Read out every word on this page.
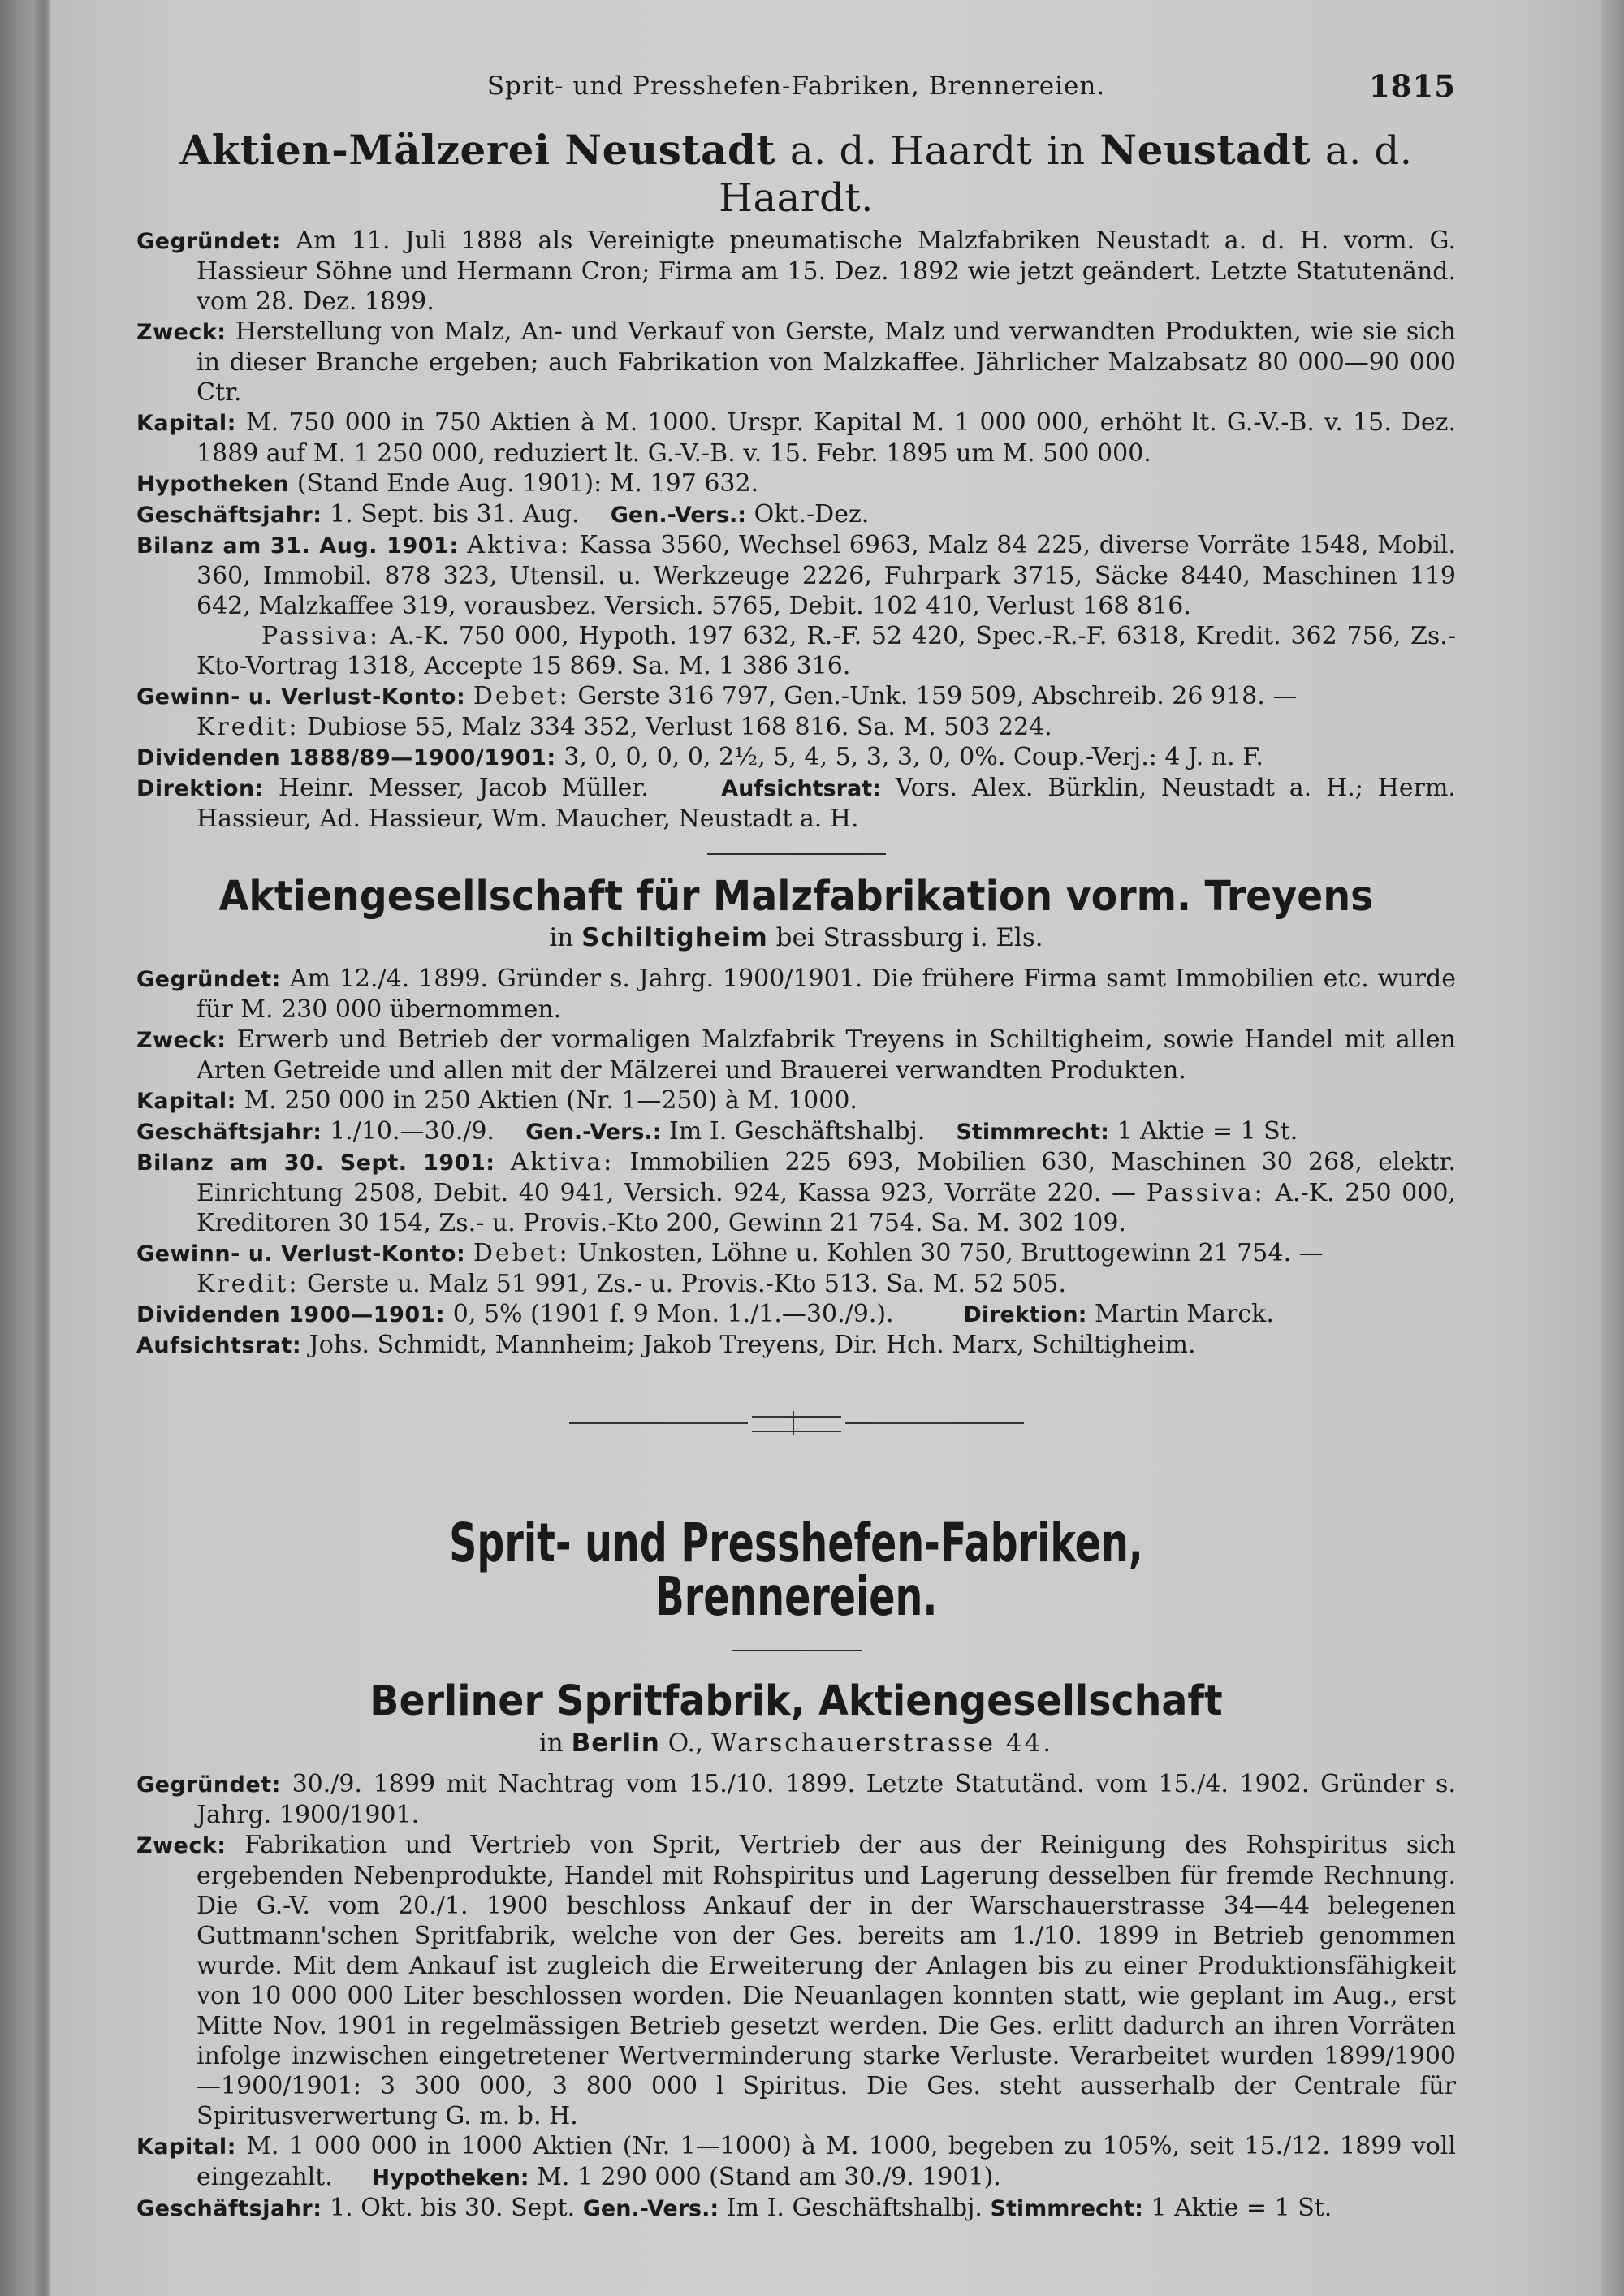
Sprit- und Presshefen-Fabriken, Brennereien.	1815
Aktien-Mälzerei Neustadt a. d. Haardt in Neustadt a. d. Haardt.

Gegründet: Am 11. Juli 1888 als Vereinigte pneumatische Malzfabriken Neustadt a. d. H. vorm. G. Hassieur Söhne und Hermann Cron; Firma am 15. Dez. 1892 wie jetzt geändert. Letzte Statutenänd. vom 28. Dez. 1899.

Zweck: Herstellung von Malz, An- und Verkauf von Gerste, Malz und verwandten Produkten, wie sie sich in dieser Branche ergeben; auch Fabrikation von Malzkaffee. Jährlicher Malzabsatz 80 000—90 000 Ctr.

Kapital: M. 750 000 in 750 Aktien à M. 1000. Urspr. Kapital M. 1 000 000, erhöht lt. G.-V.-B. v. 15. Dez. 1889 auf M. 1 250 000, reduziert lt. G.-V.-B. v. 15. Febr. 1895 um M. 500 000.

Hypotheken (Stand Ende Aug. 1901): M. 197 632.

Geschäftsjahr: 1. Sept. bis 31. Aug. Gen.-Vers.: Okt.-Dez.

Bilanz am 31. Aug. 1901: Aktiva: Kassa 3560, Wechsel 6963, Malz 84 225, diverse Vorräte 1548, Mobil. 360, Immobil. 878 323, Utensil. u. Werkzeuge 2226, Fuhrpark 3715, Säcke 8440, Maschinen 119 642, Malzkaffee 319, vorausbez. Versich. 5765, Debit. 102 410, Verlust 168 816.
Passiva: A.-K. 750 000, Hypoth. 197 632, R.-F. 52 420, Spec.-R.-F. 6318, Kredit. 362 756, Zs.-Kto-Vortrag 1318, Accepte 15 869. Sa. M. 1 386 316.

Gewinn- u. Verlust-Konto: Debet: Gerste 316 797, Gen.-Unk. 159 509, Abschreib. 26 918. —
Kredit: Dubiose 55, Malz 334 352, Verlust 168 816. Sa. M. 503 224.

Dividenden 1888/89—1900/1901: 3, 0, 0, 0, 0, 2½, 5, 4, 5, 3, 3, 0, 0%. Coup.-Verj.: 4 J. n. F.

Direktion: Heinr. Messer, Jacob Müller.	Aufsichtsrat: Vors. Alex. Bürklin, Neustadt a. H.; Herm. Hassieur, Ad. Hassieur, Wm. Maucher, Neustadt a. H.

Aktiengesellschaft für Malzfabrikation vorm. Treyens
in Schiltigheim bei Strassburg i. Els.

Gegründet: Am 12./4. 1899. Gründer s. Jahrg. 1900/1901. Die frühere Firma samt Immobilien etc. wurde für M. 230 000 übernommen.

Zweck: Erwerb und Betrieb der vormaligen Malzfabrik Treyens in Schiltigheim, sowie Handel mit allen Arten Getreide und allen mit der Mälzerei und Brauerei verwandten Produkten.

Kapital: M. 250 000 in 250 Aktien (Nr. 1—250) à M. 1000.

Geschäftsjahr: 1./10.—30./9. Gen.-Vers.: Im I. Geschäftshalbj. Stimmrecht: 1 Aktie = 1 St.

Bilanz am 30. Sept. 1901: Aktiva: Immobilien 225 693, Mobilien 630, Maschinen 30 268, elektr. Einrichtung 2508, Debit. 40 941, Versich. 924, Kassa 923, Vorräte 220. — Passiva: A.-K. 250 000, Kreditoren 30 154, Zs.- u. Provis.-Kto 200, Gewinn 21 754. Sa. M. 302 109.

Gewinn- u. Verlust-Konto: Debet: Unkosten, Löhne u. Kohlen 30 750, Bruttogewinn 21 754. —
Kredit: Gerste u. Malz 51 991, Zs.- u. Provis.-Kto 513. Sa. M. 52 505.

Dividenden 1900—1901: 0, 5% (1901 f. 9 Mon. 1./1.—30./9.).	Direktion: Martin Marck.

Aufsichtsrat: Johs. Schmidt, Mannheim; Jakob Treyens, Dir. Hch. Marx, Schiltigheim.

Sprit- und Presshefen-Fabriken, Brennereien.
Berliner Spritfabrik, Aktiengesellschaft
in Berlin O., Warschauerstrasse 44.

Gegründet: 30./9. 1899 mit Nachtrag vom 15./10. 1899. Letzte Statutänd. vom 15./4. 1902. Gründer s. Jahrg. 1900/1901.

Zweck: Fabrikation und Vertrieb von Sprit, Vertrieb der aus der Reinigung des Rohspiritus sich ergebenden Nebenprodukte, Handel mit Rohspiritus und Lagerung desselben für fremde Rechnung. Die G.-V. vom 20./1. 1900 beschloss Ankauf der in der Warschauerstrasse 34—44 belegenen Guttmann'schen Spritfabrik, welche von der Ges. bereits am 1./10. 1899 in Betrieb genommen wurde. Mit dem Ankauf ist zugleich die Erweiterung der Anlagen bis zu einer Produktionsfähigkeit von 10 000 000 Liter beschlossen worden. Die Neuanlagen konnten statt, wie geplant im Aug., erst Mitte Nov. 1901 in regelmässigen Betrieb gesetzt werden. Die Ges. erlitt dadurch an ihren Vorräten infolge inzwischen eingetretener Wertverminderung starke Verluste. Verarbeitet wurden 1899/1900—1900/1901: 3 300 000, 3 800 000 l Spiritus. Die Ges. steht ausserhalb der Centrale für Spiritusverwertung G. m. b. H.

Kapital: M. 1 000 000 in 1000 Aktien (Nr. 1—1000) à M. 1000, begeben zu 105%, seit 15./12. 1899 voll eingezahlt. Hypotheken: M. 1 290 000 (Stand am 30./9. 1901).

Geschäftsjahr: 1. Okt. bis 30. Sept. Gen.-Vers.: Im I. Geschäftshalbj. Stimmrecht: 1 Aktie = 1 St.
